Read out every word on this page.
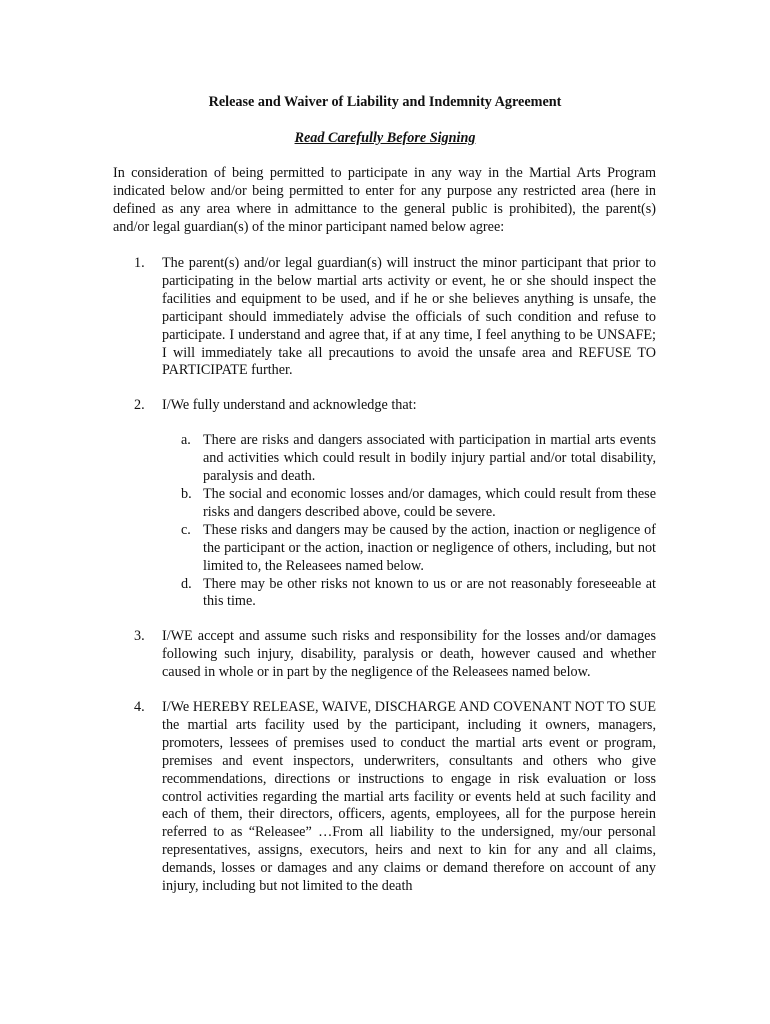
Release and Waiver of Liability and Indemnity Agreement
Read Carefully Before Signing

In consideration of being permitted to participate in any way in the Martial Arts Program indicated below and/or being permitted to enter for any purpose any restricted area (here in defined as any area where in admittance to the general public is prohibited), the parent(s) and/or legal guardian(s) of the minor participant named below agree:

1. The parent(s) and/or legal guardian(s) will instruct the minor participant that prior to participating in the below martial arts activity or event, he or she should inspect the facilities and equipment to be used, and if he or she believes anything is unsafe, the participant should immediately advise the officials of such condition and refuse to participate. I understand and agree that, if at any time, I feel anything to be UNSAFE; I will immediately take all precautions to avoid the unsafe area and REFUSE TO PARTICIPATE further.

2. I/We fully understand and acknowledge that:

a. There are risks and dangers associated with participation in martial arts events and activities which could result in bodily injury partial and/or total disability, paralysis and death.

b. The social and economic losses and/or damages, which could result from these risks and dangers described above, could be severe.

c. These risks and dangers may be caused by the action, inaction or negligence of the participant or the action, inaction or negligence of others, including, but not limited to, the Releasees named below.

d. There may be other risks not known to us or are not reasonably foreseeable at this time.

3. I/WE accept and assume such risks and responsibility for the losses and/or damages following such injury, disability, paralysis or death, however caused and whether caused in whole or in part by the negligence of the Releasees named below.

4. I/We HEREBY RELEASE, WAIVE, DISCHARGE AND COVENANT NOT TO SUE the martial arts facility used by the participant, including it owners, managers, promoters, lessees of premises used to conduct the martial arts event or program, premises and event inspectors, underwriters, consultants and others who give recommendations, directions or instructions to engage in risk evaluation or loss control activities regarding the martial arts facility or events held at such facility and each of them, their directors, officers, agents, employees, all for the purpose herein referred to as “Releasee” …From all liability to the undersigned, my/our personal representatives, assigns, executors, heirs and next to kin for any and all claims, demands, losses or damages and any claims or demand therefore on account of any injury, including but not limited to the death
